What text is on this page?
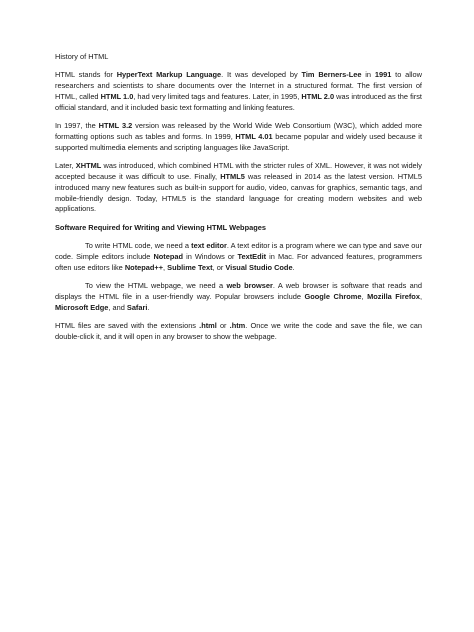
History of HTML

HTML stands for HyperText Markup Language. It was developed by Tim Berners-Lee in 1991 to allow researchers and scientists to share documents over the Internet in a structured format. The first version of HTML, called HTML 1.0, had very limited tags and features. Later, in 1995, HTML 2.0 was introduced as the first official standard, and it included basic text formatting and linking features.

In 1997, the HTML 3.2 version was released by the World Wide Web Consortium (W3C), which added more formatting options such as tables and forms. In 1999, HTML 4.01 became popular and widely used because it supported multimedia elements and scripting languages like JavaScript.

Later, XHTML was introduced, which combined HTML with the stricter rules of XML. However, it was not widely accepted because it was difficult to use. Finally, HTML5 was released in 2014 as the latest version. HTML5 introduced many new features such as built-in support for audio, video, canvas for graphics, semantic tags, and mobile-friendly design. Today, HTML5 is the standard language for creating modern websites and web applications.

Software Required for Writing and Viewing HTML Webpages

To write HTML code, we need a text editor. A text editor is a program where we can type and save our code. Simple editors include Notepad in Windows or TextEdit in Mac. For advanced features, programmers often use editors like Notepad++, Sublime Text, or Visual Studio Code.

To view the HTML webpage, we need a web browser. A web browser is software that reads and displays the HTML file in a user-friendly way. Popular browsers include Google Chrome, Mozilla Firefox, Microsoft Edge, and Safari.

HTML files are saved with the extensions .html or .htm. Once we write the code and save the file, we can double-click it, and it will open in any browser to show the webpage.
